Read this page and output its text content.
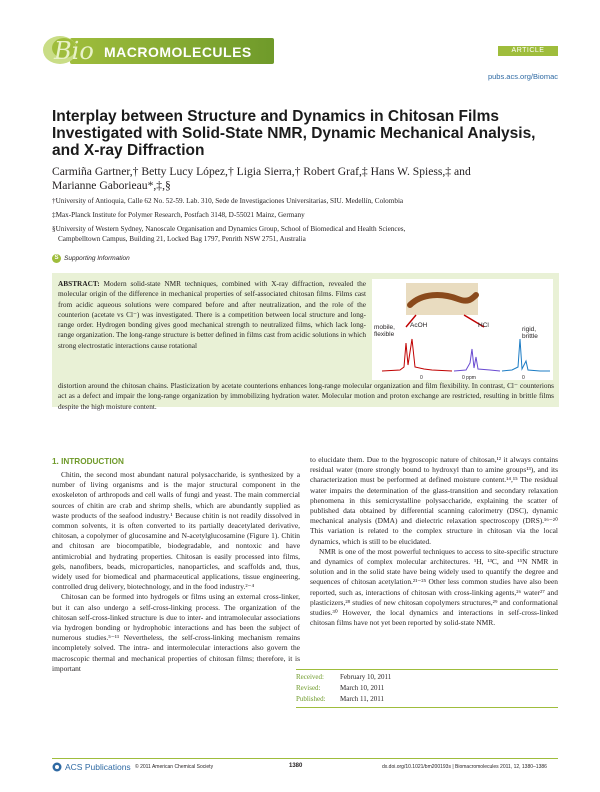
Bio MACROMOLECULES	ARTICLE
pubs.acs.org/Biomac
Interplay between Structure and Dynamics in Chitosan Films Investigated with Solid-State NMR, Dynamic Mechanical Analysis, and X-ray Diffraction
Carmiña Gartner,† Betty Lucy López,† Ligia Sierra,† Robert Graf,‡ Hans W. Spiess,‡ and
Marianne Gaborieau*,‡,§
†University of Antioquia, Calle 62 No. 52-59. Lab. 310, Sede de Investigaciones Universitarias, SIU. Medellín, Colombia
‡Max-Planck Institute for Polymer Research, Postfach 3148, D-55021 Mainz, Germany
§University of Western Sydney, Nanoscale Organisation and Dynamics Group, School of Biomedical and Health Sciences,
Campbelltown Campus, Building 21, Locked Bag 1797, Penrith NSW 2751, Australia
S Supporting Information
ABSTRACT: Modern solid-state NMR techniques, combined with X-ray diffraction, revealed the molecular origin of the difference in mechanical properties of self-associated chitosan films. Films cast from acidic aqueous solutions were compared before and after neutralization, and the role of the counterion (acetate vs Cl⁻) was investigated. There is a competition between local structure and long-range order. Hydrogen bonding gives good mechanical strength to neutralized films, which lack long-range organization. The long-range structure is better defined in films cast from acidic solutions in which strong electrostatic interactions cause rotational
distortion around the chitosan chains. Plasticization by acetate counterions enhances long-range molecular organization and film flexibility. In contrast, Cl⁻ counterions act as a defect and impair the long-range organization by immobilizing hydration water. Molecular motion and proton exchange are restricted, resulting in brittle films despite the high moisture content.
mobile,
flexible
AcOH	HCl
rigid,
brittle
0	0 ppm	0
1. INTRODUCTION

Chitin, the second most abundant natural polysaccharide, is synthesized by a number of living organisms and is the major structural component in the exoskeleton of arthropods and cell walls of fungi and yeast. The main commercial sources of chitin are crab and shrimp shells, which are abundantly supplied as waste products of the seafood industry.¹ Because chitin is not readily dissolved in common solvents, it is often converted to its partially deacetylated derivative, chitosan, a copolymer of glucosamine and N-acetylglucosamine (Figure 1). Chitin and chitosan are biocompatible, biodegradable, and nontoxic and have antimicrobial and hydrating properties. Chitosan is easily processed into films, gels, nanofibers, beads, microparticles, nanoparticles, and scaffolds and, thus, widely used for biomedical and pharmaceutical applications, tissue engineering, controlled drug delivery, biotechnology, and in the food industry.²⁻⁴

Chitosan can be formed into hydrogels or films using an external cross-linker, but it can also undergo a self-cross-linking process. The organization of the chitosan self-cross-linked structure is due to inter- and intramolecular associations via hydrogen bonding or hydrophobic interactions and has been the subject of numerous studies.⁵⁻¹¹ Nevertheless, the self-cross-linking mechanism remains incompletely solved. The intra- and intermolecular interactions also govern the macroscopic thermal and mechanical properties of chitosan films; therefore, it is important

to elucidate them. Due to the hygroscopic nature of chitosan,¹² it always contains residual water (more strongly bound to hydroxyl than to amine groups¹³), and its characterization must be performed at defined moisture content.¹⁴,¹⁵ The residual water impairs the determination of the glass-transition and secondary relaxation phenomena in this semicrystalline polysaccharide, explaining the scatter of published data obtained by differential scanning calorimetry (DSC), dynamic mechanical analysis (DMA) and dielectric relaxation spectroscopy (DRS).¹⁶⁻²⁰ This variation is related to the complex structure in chitosan via the local dynamics, which is still to be elucidated.

NMR is one of the most powerful techniques to access to site-specific structure and dynamics of complex molecular architectures. ¹H, ¹³C, and ¹⁵N NMR in solution and in the solid state have being widely used to quantify the degree and sequences of chitosan acetylation.²¹⁻²⁵ Other less common studies have also been reported, such as, interactions of chitosan with cross-linking agents,²⁶ water²⁷ and plasticizers,²⁸ studies of new chitosan copolymers structures,²⁹ and conformational studies.³⁰ However, the local dynamics and interactions in self-cross-linked chitosan films have not yet been reported by solid-state NMR.

Received: February 10, 2011
Revised:	March 10, 2011
Published: March 11, 2011
ACS Publications © 2011 American Chemical Society	1380	dx.doi.org/10.1021/bm200193s | Biomacromolecules 2011, 12, 1380–1386
